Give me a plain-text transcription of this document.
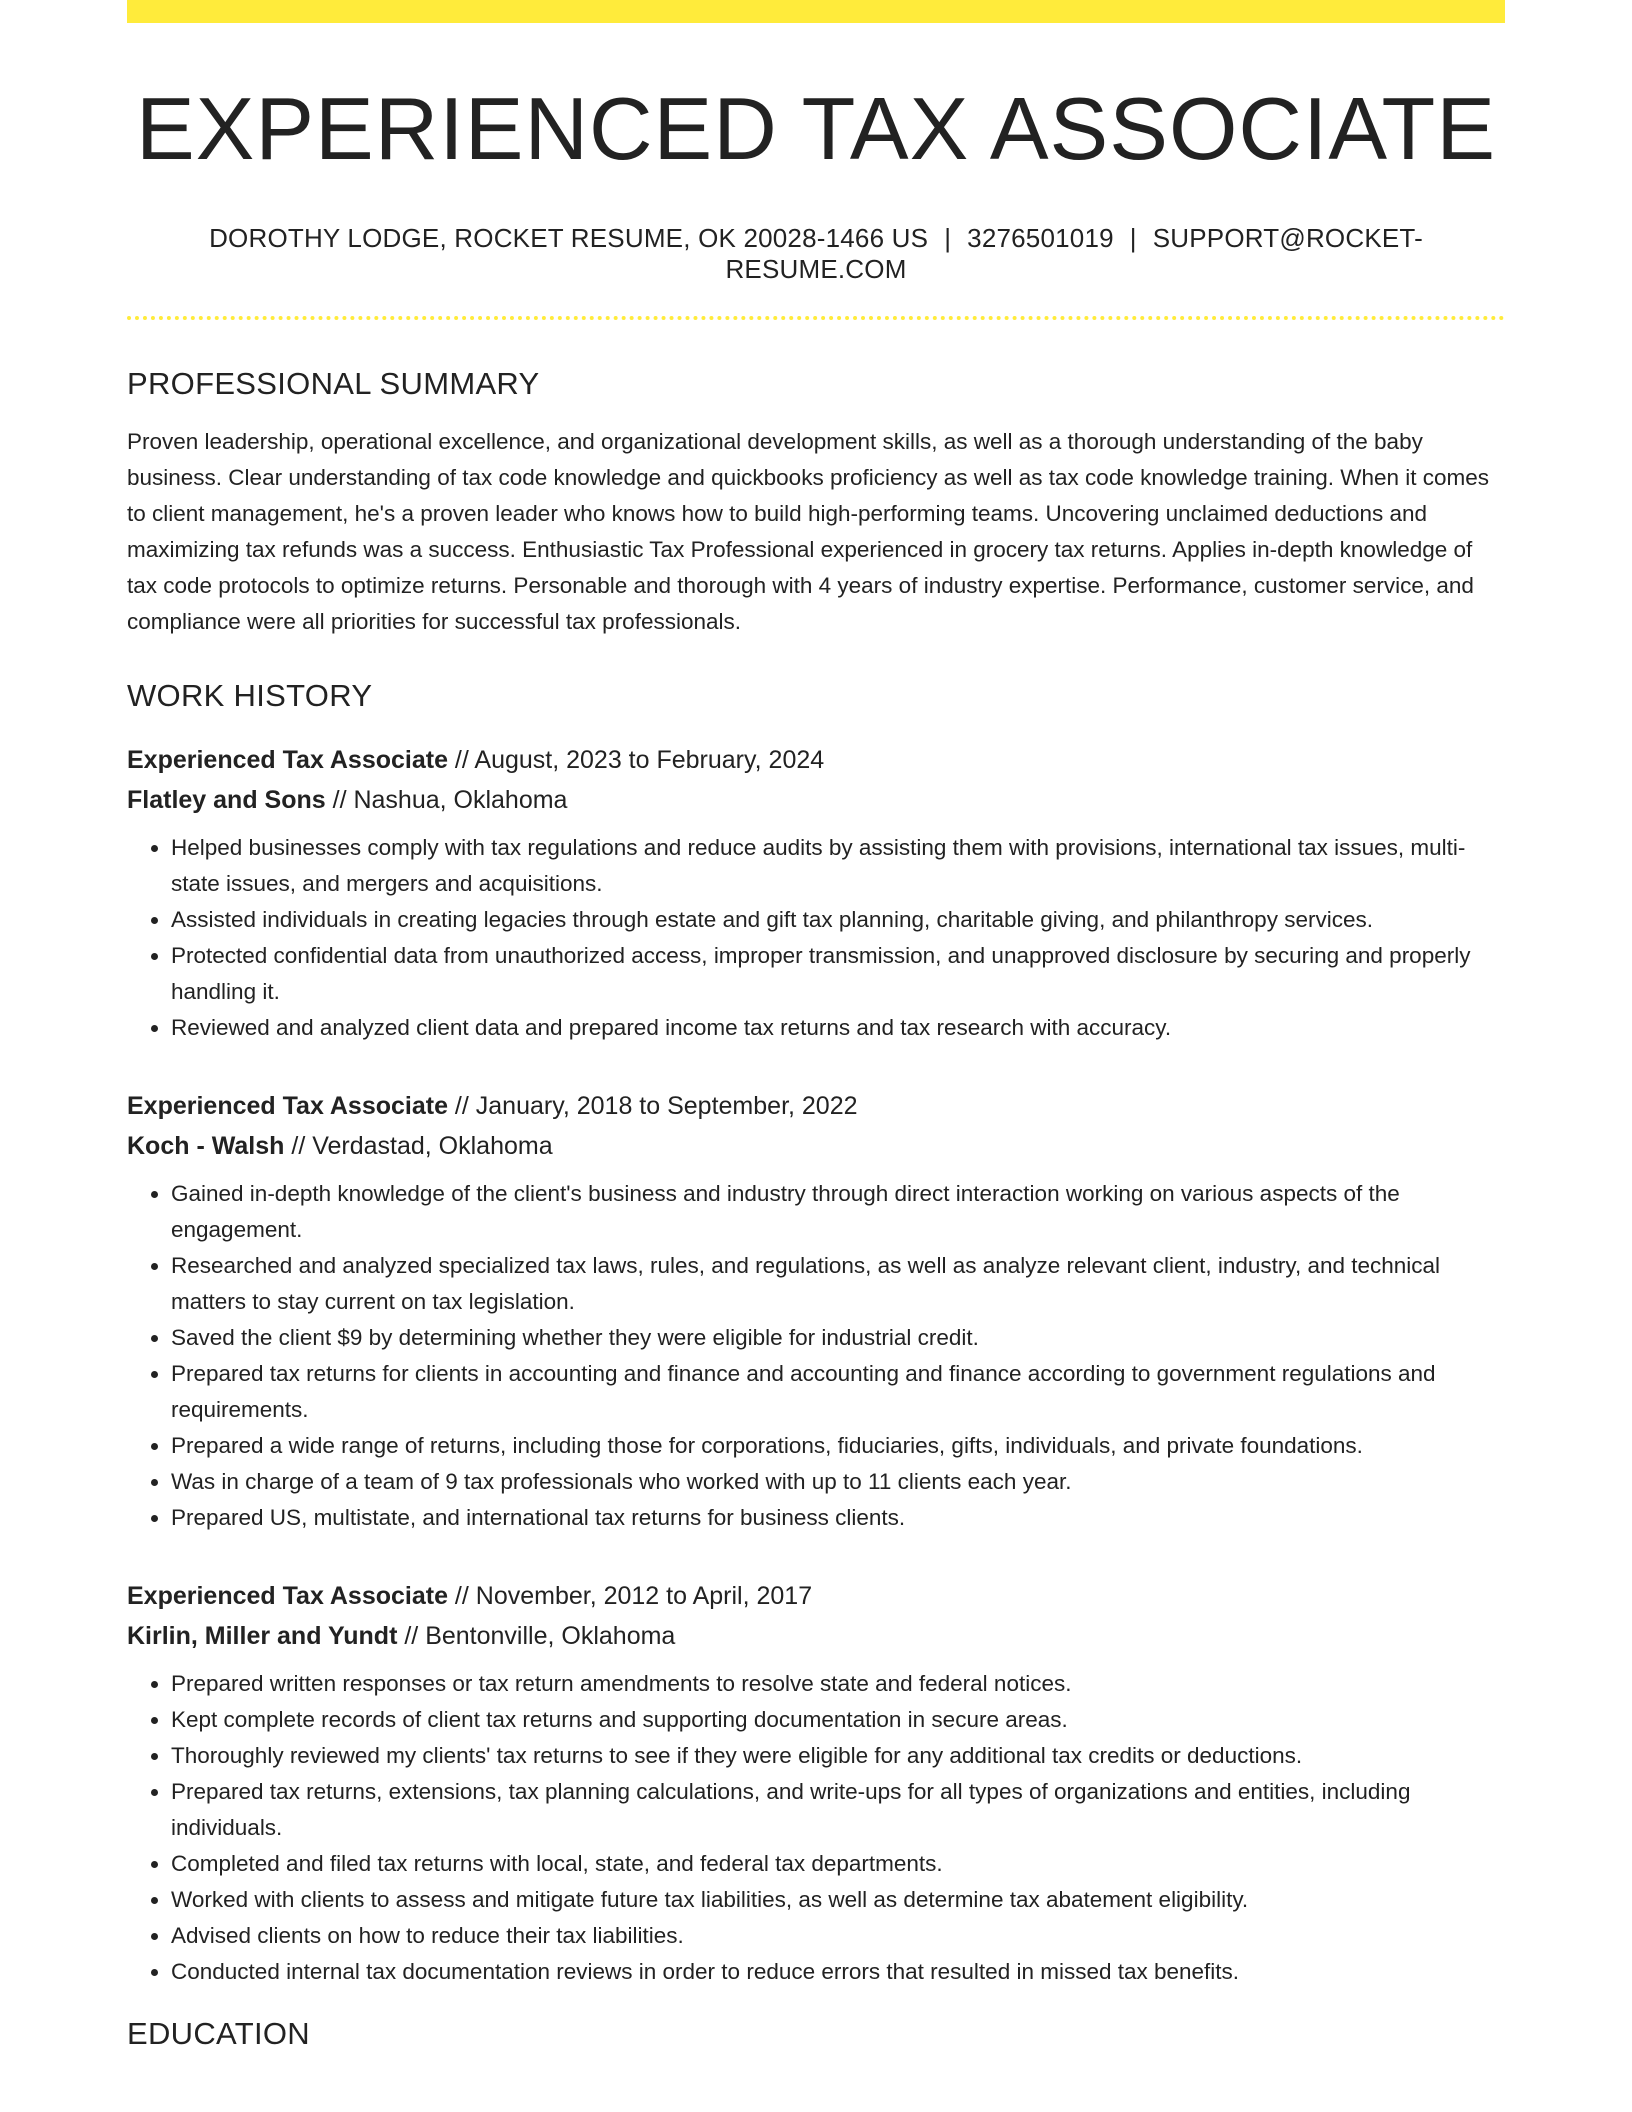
EXPERIENCED TAX ASSOCIATE
DOROTHY LODGE, ROCKET RESUME, OK 20028-1466 US | 3276501019 | SUPPORT@ROCKET-RESUME.COM
PROFESSIONAL SUMMARY

Proven leadership, operational excellence, and organizational development skills, as well as a thorough understanding of the baby business. Clear understanding of tax code knowledge and quickbooks proficiency as well as tax code knowledge training. When it comes to client management, he's a proven leader who knows how to build high-performing teams. Uncovering unclaimed deductions and maximizing tax refunds was a success. Enthusiastic Tax Professional experienced in grocery tax returns. Applies in-depth knowledge of tax code protocols to optimize returns. Personable and thorough with 4 years of industry expertise. Performance, customer service, and compliance were all priorities for successful tax professionals.

WORK HISTORY
Experienced Tax Associate // August, 2023 to February, 2024
Flatley and Sons // Nashua, Oklahoma
• Helped businesses comply with tax regulations and reduce audits by assisting them with provisions, international tax issues, multi-state issues, and mergers and acquisitions.
• Assisted individuals in creating legacies through estate and gift tax planning, charitable giving, and philanthropy services.
• Protected confidential data from unauthorized access, improper transmission, and unapproved disclosure by securing and properly handling it.
• Reviewed and analyzed client data and prepared income tax returns and tax research with accuracy.
Experienced Tax Associate // January, 2018 to September, 2022
Koch - Walsh // Verdastad, Oklahoma
• Gained in-depth knowledge of the client's business and industry through direct interaction working on various aspects of the engagement.
• Researched and analyzed specialized tax laws, rules, and regulations, as well as analyze relevant client, industry, and technical matters to stay current on tax legislation.
• Saved the client $9 by determining whether they were eligible for industrial credit.
• Prepared tax returns for clients in accounting and finance and accounting and finance according to government regulations and requirements.
• Prepared a wide range of returns, including those for corporations, fiduciaries, gifts, individuals, and private foundations.
• Was in charge of a team of 9 tax professionals who worked with up to 11 clients each year.
• Prepared US, multistate, and international tax returns for business clients.
Experienced Tax Associate // November, 2012 to April, 2017
Kirlin, Miller and Yundt // Bentonville, Oklahoma
• Prepared written responses or tax return amendments to resolve state and federal notices.
• Kept complete records of client tax returns and supporting documentation in secure areas.
• Thoroughly reviewed my clients' tax returns to see if they were eligible for any additional tax credits or deductions.
• Prepared tax returns, extensions, tax planning calculations, and write-ups for all types of organizations and entities, including individuals.
• Completed and filed tax returns with local, state, and federal tax departments.
• Worked with clients to assess and mitigate future tax liabilities, as well as determine tax abatement eligibility.
• Advised clients on how to reduce their tax liabilities.
• Conducted internal tax documentation reviews in order to reduce errors that resulted in missed tax benefits.
EDUCATION
